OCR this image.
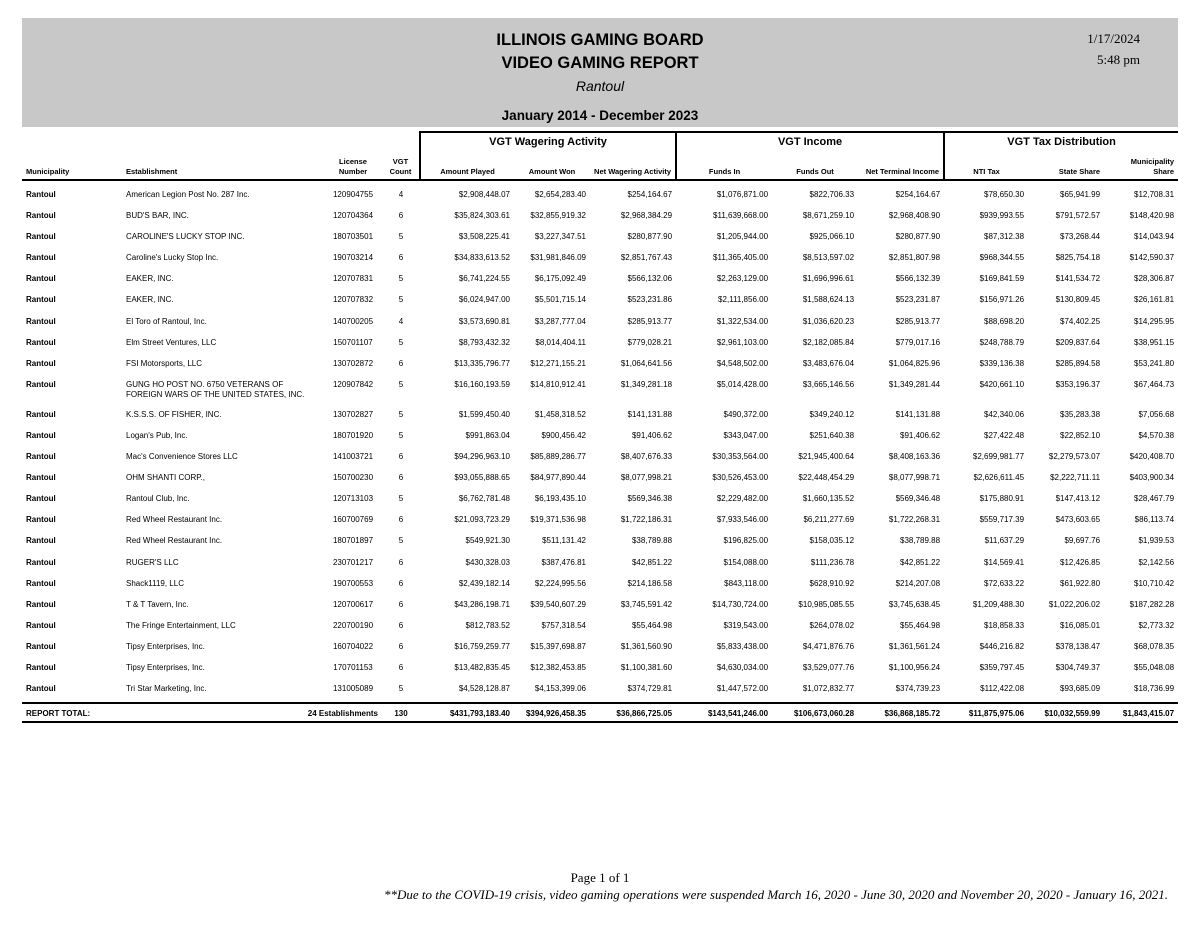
ILLINOIS GAMING BOARD
VIDEO GAMING REPORT
Rantoul
January 2014 - December 2023
1/17/2024
5:48 pm
				VGT Wagering Activity			VGT Income			VGT Tax Distribution		
Municipality	Establishment	License Number	VGT Count	Amount Played	Amount Won	Net Wagering Activity	Funds In	Funds Out	Net Terminal Income	NTI Tax	State Share	Municipality Share

Rantoul	American Legion Post No. 287 Inc.	120904755	4	$2,908,448.07	$2,654,283.40	$254,164.67	$1,076,871.00	$822,706.33	$254,164.67	$78,650.30	$65,941.99	$12,708.31
Rantoul	BUD'S BAR, INC.	120704364	6	$35,824,303.61	$32,855,919.32	$2,968,384.29	$11,639,668.00	$8,671,259.10	$2,968,408.90	$939,993.55	$791,572.57	$148,420.98
Rantoul	CAROLINE'S LUCKY STOP INC.	180703501	5	$3,508,225.41	$3,227,347.51	$280,877.90	$1,205,944.00	$925,066.10	$280,877.90	$87,312.38	$73,268.44	$14,043.94
Rantoul	Caroline's Lucky Stop Inc.	190703214	6	$34,833,613.52	$31,981,846.09	$2,851,767.43	$11,365,405.00	$8,513,597.02	$2,851,807.98	$968,344.55	$825,754.18	$142,590.37
Rantoul	EAKER, INC.	120707831	5	$6,741,224.55	$6,175,092.49	$566,132.06	$2,263,129.00	$1,696,996.61	$566,132.39	$169,841.59	$141,534.72	$28,306.87
Rantoul	EAKER, INC.	120707832	5	$6,024,947.00	$5,501,715.14	$523,231.86	$2,111,856.00	$1,588,624.13	$523,231.87	$156,971.26	$130,809.45	$26,161.81
Rantoul	El Toro of Rantoul, Inc.	140700205	4	$3,573,690.81	$3,287,777.04	$285,913.77	$1,322,534.00	$1,036,620.23	$285,913.77	$88,698.20	$74,402.25	$14,295.95
Rantoul	Elm Street Ventures, LLC	150701107	5	$8,793,432.32	$8,014,404.11	$779,028.21	$2,961,103.00	$2,182,085.84	$779,017.16	$248,788.79	$209,837.64	$38,951.15
Rantoul	FSI Motorsports, LLC	130702872	6	$13,335,796.77	$12,271,155.21	$1,064,641.56	$4,548,502.00	$3,483,676.04	$1,064,825.96	$339,136.38	$285,894.58	$53,241.80
Rantoul	GUNG HO POST NO. 6750 VETERANS OF FOREIGN WARS OF THE UNITED STATES, INC.	120907842	5	$16,160,193.59	$14,810,912.41	$1,349,281.18	$5,014,428.00	$3,665,146.56	$1,349,281.44	$420,661.10	$353,196.37	$67,464.73
Rantoul	K.S.S.S. OF FISHER, INC.	130702827	5	$1,599,450.40	$1,458,318.52	$141,131.88	$490,372.00	$349,240.12	$141,131.88	$42,340.06	$35,283.38	$7,056.68
Rantoul	Logan's Pub, Inc.	180701920	5	$991,863.04	$900,456.42	$91,406.62	$343,047.00	$251,640.38	$91,406.62	$27,422.48	$22,852.10	$4,570.38
Rantoul	Mac's Convenience Stores LLC	141003721	6	$94,296,963.10	$85,889,286.77	$8,407,676.33	$30,353,564.00	$21,945,400.64	$8,408,163.36	$2,699,981.77	$2,279,573.07	$420,408.70
Rantoul	OHM SHANTI CORP.,	150700230	6	$93,055,888.65	$84,977,890.44	$8,077,998.21	$30,526,453.00	$22,448,454.29	$8,077,998.71	$2,626,611.45	$2,222,711.11	$403,900.34
Rantoul	Rantoul Club, Inc.	120713103	5	$6,762,781.48	$6,193,435.10	$569,346.38	$2,229,482.00	$1,660,135.52	$569,346.48	$175,880.91	$147,413.12	$28,467.79
Rantoul	Red Wheel Restaurant Inc.	160700769	6	$21,093,723.29	$19,371,536.98	$1,722,186.31	$7,933,546.00	$6,211,277.69	$1,722,268.31	$559,717.39	$473,603.65	$86,113.74
Rantoul	Red Wheel Restaurant Inc.	180701897	5	$549,921.30	$511,131.42	$38,789.88	$196,825.00	$158,035.12	$38,789.88	$11,637.29	$9,697.76	$1,939.53
Rantoul	RUGER'S LLC	230701217	6	$430,328.03	$387,476.81	$42,851.22	$154,088.00	$111,236.78	$42,851.22	$14,569.41	$12,426.85	$2,142.56
Rantoul	Shack1119, LLC	190700553	6	$2,439,182.14	$2,224,995.56	$214,186.58	$843,118.00	$628,910.92	$214,207.08	$72,633.22	$61,922.80	$10,710.42
Rantoul	T & T Tavern, Inc.	120700617	6	$43,286,198.71	$39,540,607.29	$3,745,591.42	$14,730,724.00	$10,985,085.55	$3,745,638.45	$1,209,488.30	$1,022,206.02	$187,282.28
Rantoul	The Fringe Entertainment, LLC	220700190	6	$812,783.52	$757,318.54	$55,464.98	$319,543.00	$264,078.02	$55,464.98	$18,858.33	$16,085.01	$2,773.32
Rantoul	Tipsy Enterprises, Inc.	160704022	6	$16,759,259.77	$15,397,698.87	$1,361,560.90	$5,833,438.00	$4,471,876.76	$1,361,561.24	$446,216.82	$378,138.47	$68,078.35
Rantoul	Tipsy Enterprises, Inc.	170701153	6	$13,482,835.45	$12,382,453.85	$1,100,381.60	$4,630,034.00	$3,529,077.76	$1,100,956.24	$359,797.45	$304,749.37	$55,048.08
Rantoul	Tri Star Marketing, Inc.	131005089	5	$4,528,128.87	$4,153,399.06	$374,729.81	$1,447,572.00	$1,072,832.77	$374,739.23	$112,422.08	$93,685.09	$18,736.99
REPORT TOTAL:	24 Establishments		130	$431,793,183.40	$394,926,458.35	$36,866,725.05	$143,541,246.00	$106,673,060.28	$36,868,185.72	$11,875,975.06	$10,032,559.99	$1,843,415.07
Page 1 of 1
**Due to the COVID-19 crisis, video gaming operations were suspended March 16, 2020 - June 30, 2020 and November 20, 2020 - January 16, 2021.
